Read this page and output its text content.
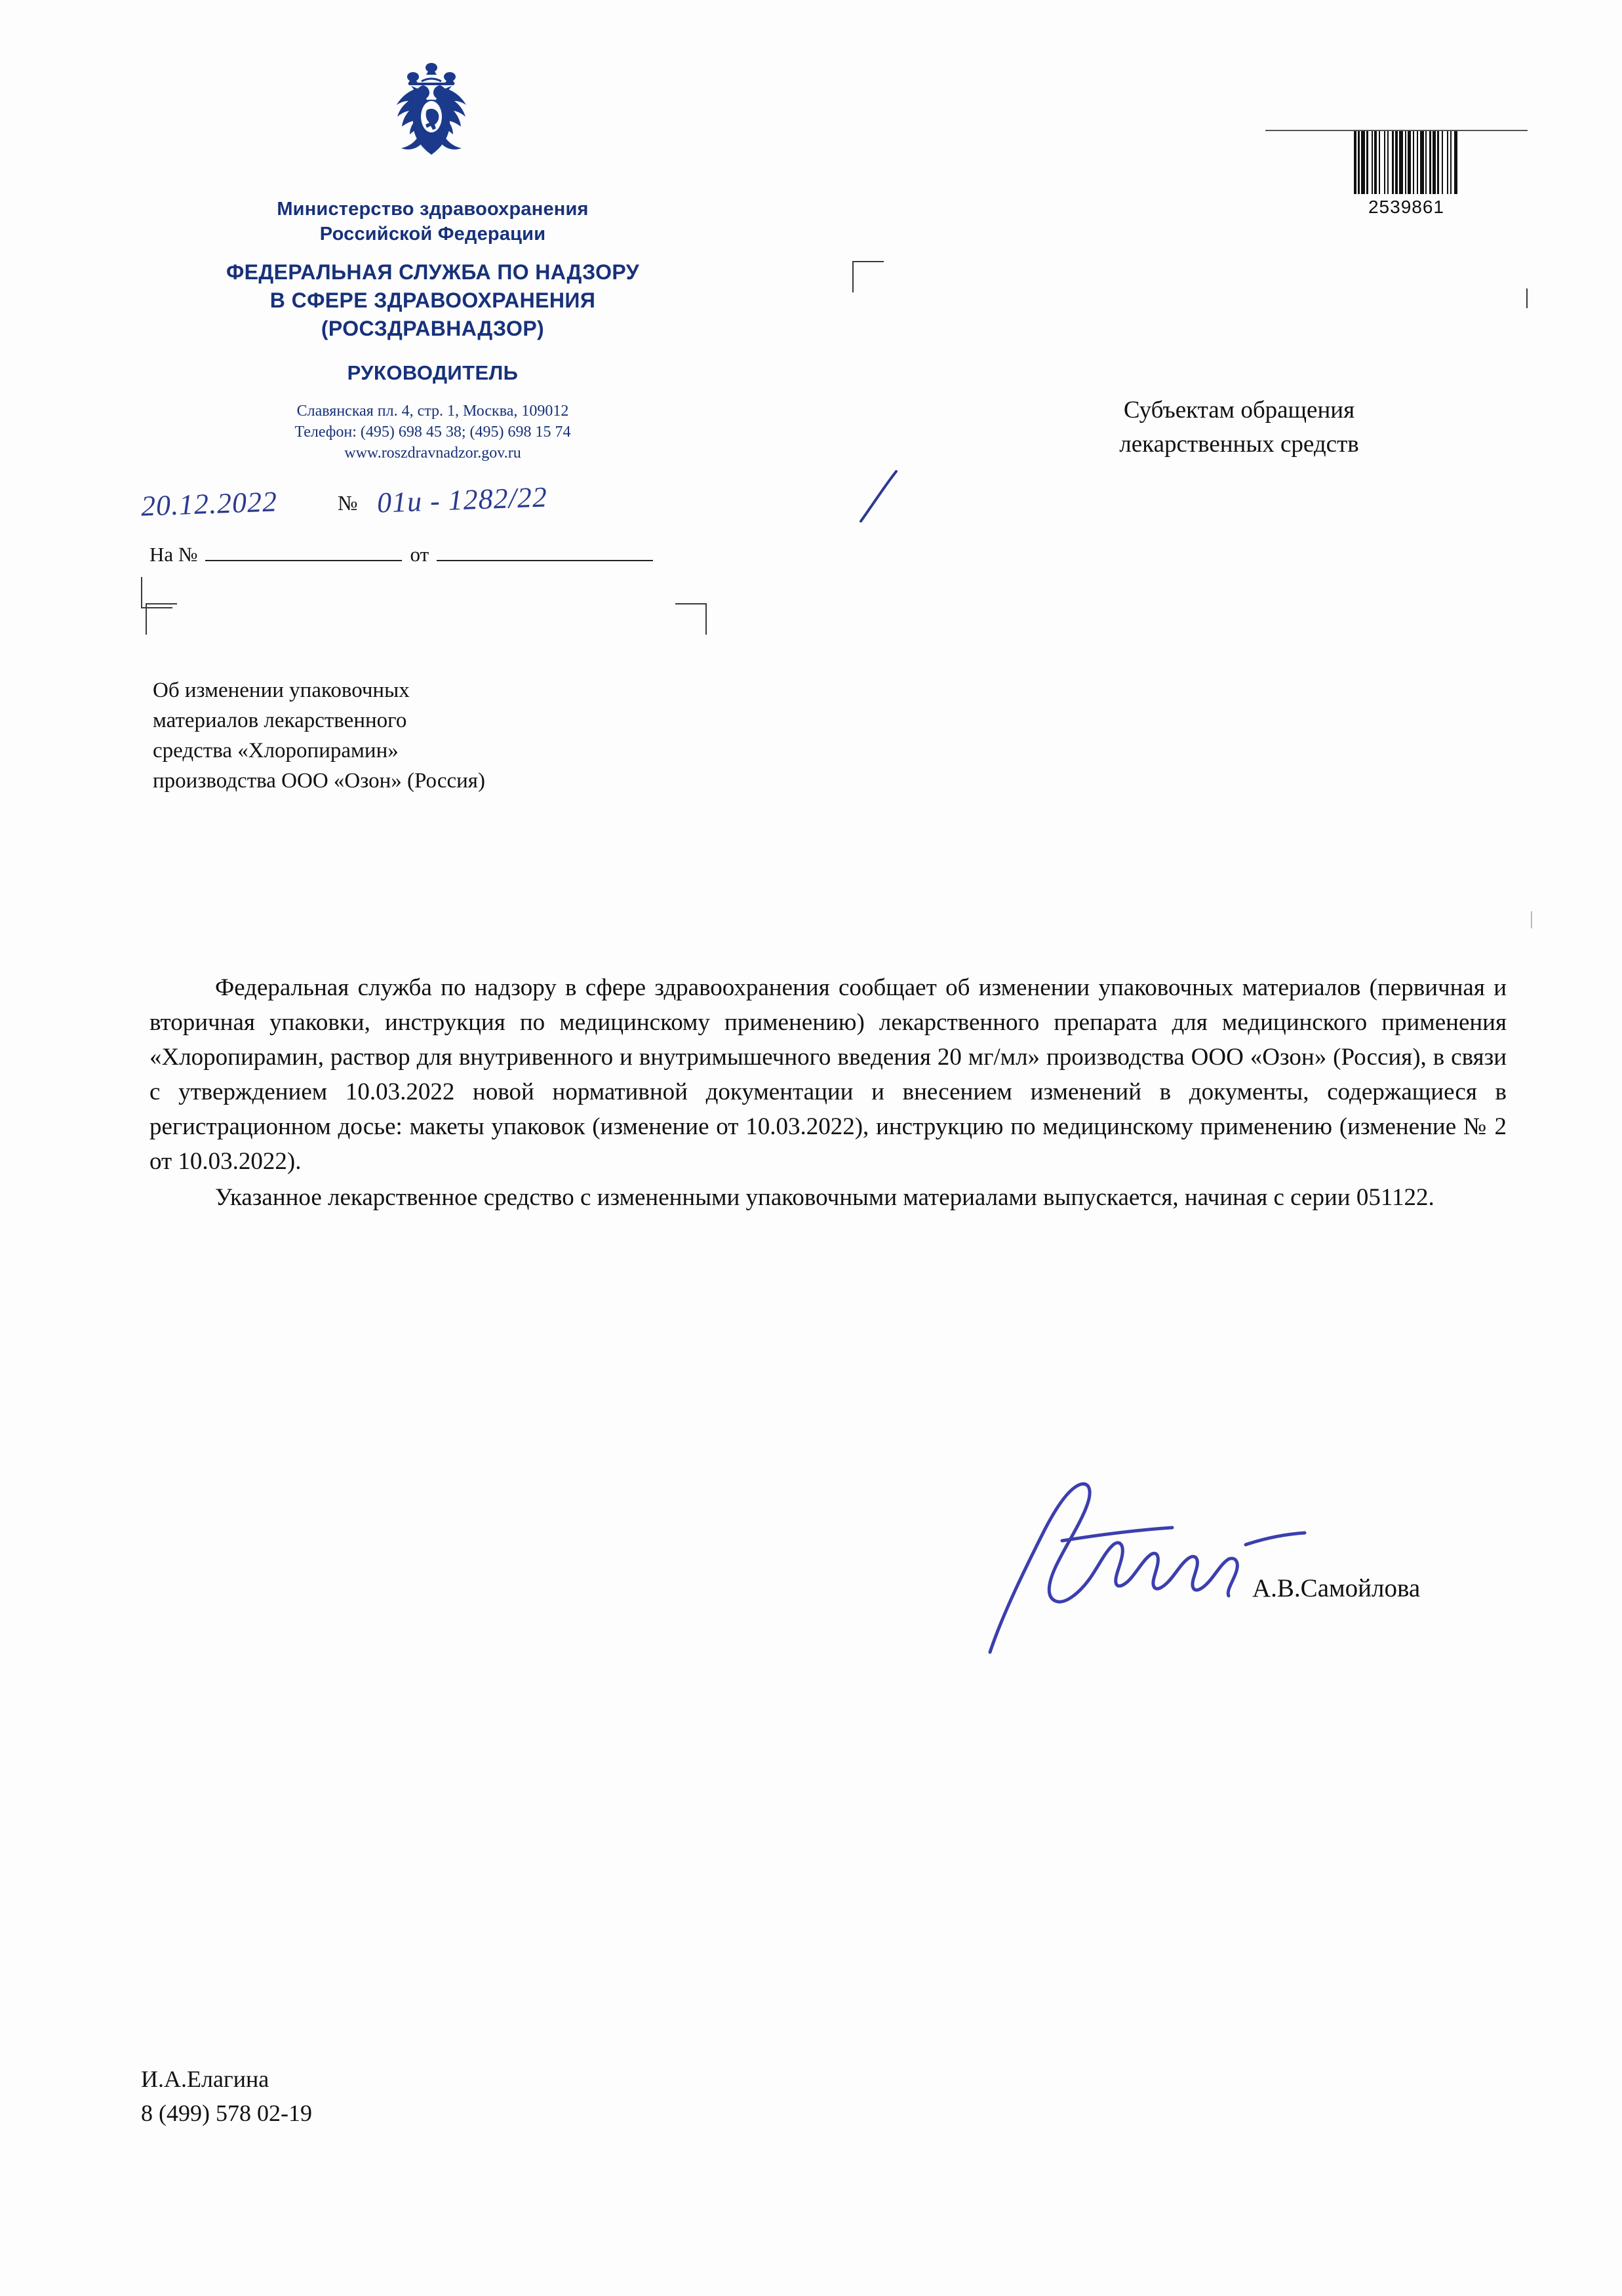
Министерство здравоохранения
Российской Федерации
ФЕДЕРАЛЬНАЯ СЛУЖБА ПО НАДЗОРУ
В СФЕРЕ ЗДРАВООХРАНЕНИЯ
(РОСЗДРАВНАДЗОР)
РУКОВОДИТЕЛЬ
Славянская пл. 4, стр. 1, Москва, 109012
Телефон: (495) 698 45 38; (495) 698 15 74
www.roszdravnadzor.gov.ru
20.12.2022	№ 01и - 1282/22
На №	от
2539861
Субъектам обращения
лекарственных средств
Об изменении упаковочных
материалов лекарственного
средства «Хлоропирамин»
производства ООО «Озон» (Россия)

Федеральная служба по надзору в сфере здравоохранения сообщает об изменении упаковочных материалов (первичная и вторичная упаковки, инструкция по медицинскому применению) лекарственного препарата для медицинского применения «Хлоропирамин, раствор для внутривенного и внутримышечного введения 20 мг/мл» производства ООО «Озон» (Россия), в связи с утверждением 10.03.2022 новой нормативной документации и внесением изменений в документы, содержащиеся в регистрационном досье: макеты упаковок (изменение от 10.03.2022), инструкцию по медицинскому применению (изменение № 2 от 10.03.2022).

Указанное лекарственное средство с измененными упаковочными материалами выпускается, начиная с серии 051122.

А.В.Самойлова
И.А.Елагина
8 (499) 578 02-19
